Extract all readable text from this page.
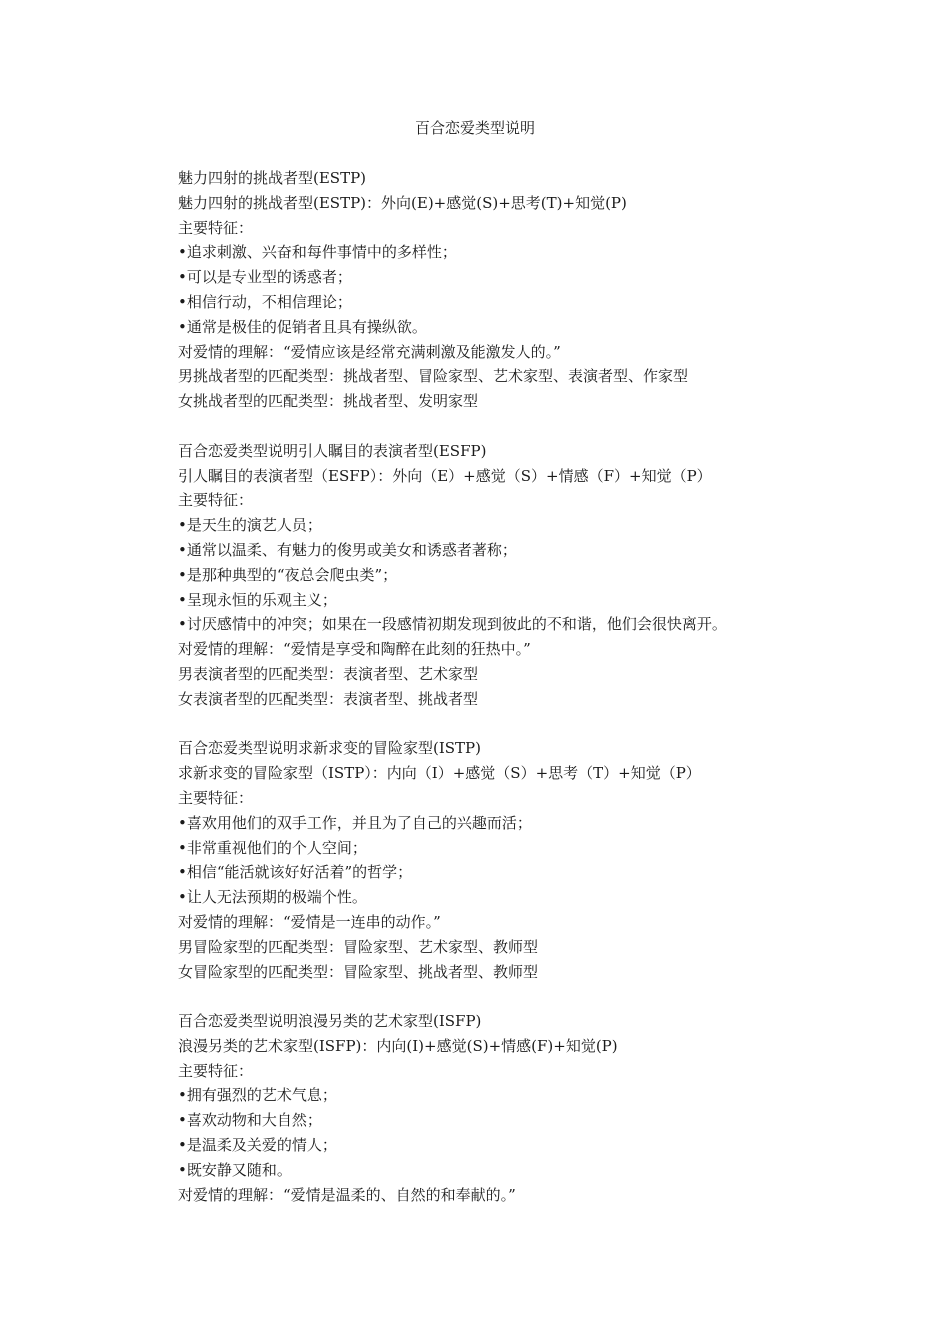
百合恋爱类型说明
魅力四射的挑战者型(ESTP)
魅力四射的挑战者型(ESTP)：外向(E)+感觉(S)+思考(T)+知觉(P)
主要特征：
•追求刺激、兴奋和每件事情中的多样性；
•可以是专业型的诱惑者；
•相信行动，不相信理论；
•通常是极佳的促销者且具有操纵欲。
对爱情的理解：“爱情应该是经常充满刺激及能激发人的。”
男挑战者型的匹配类型：挑战者型、冒险家型、艺术家型、表演者型、作家型
女挑战者型的匹配类型：挑战者型、发明家型
百合恋爱类型说明引人瞩目的表演者型(ESFP)
引人瞩目的表演者型（ESFP）：外向（E）+感觉（S）+情感（F）+知觉（P）
主要特征：
•是天生的演艺人员；
•通常以温柔、有魅力的俊男或美女和诱惑者著称；
•是那种典型的“夜总会爬虫类”；
•呈现永恒的乐观主义；
•讨厌感情中的冲突；如果在一段感情初期发现到彼此的不和谐，他们会很快离开。
对爱情的理解：“爱情是享受和陶醉在此刻的狂热中。”
男表演者型的匹配类型：表演者型、艺术家型
女表演者型的匹配类型：表演者型、挑战者型
百合恋爱类型说明求新求变的冒险家型(ISTP)
求新求变的冒险家型（ISTP）：内向（I）+感觉（S）+思考（T）+知觉（P）
主要特征：
•喜欢用他们的双手工作，并且为了自己的兴趣而活；
•非常重视他们的个人空间；
•相信“能活就该好好活着”的哲学；
•让人无法预期的极端个性。
对爱情的理解：“爱情是一连串的动作。”
男冒险家型的匹配类型：冒险家型、艺术家型、教师型
女冒险家型的匹配类型：冒险家型、挑战者型、教师型
百合恋爱类型说明浪漫另类的艺术家型(ISFP)
浪漫另类的艺术家型(ISFP)：内向(I)+感觉(S)+情感(F)+知觉(P)
主要特征：
•拥有强烈的艺术气息；
•喜欢动物和大自然；
•是温柔及关爱的情人；
•既安静又随和。
对爱情的理解：“爱情是温柔的、自然的和奉献的。”
